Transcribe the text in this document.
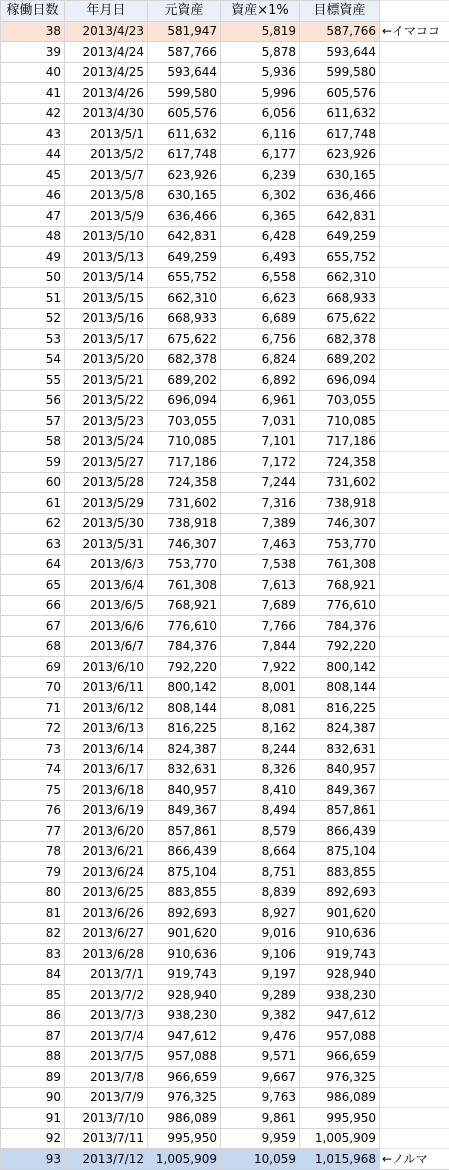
稼働日数	年月日	元資産	資産×1%	目標資産	
38	2013/4/23	581,947	5,819	587,766	←イマココ
39	2013/4/24	587,766	5,878	593,644	
40	2013/4/25	593,644	5,936	599,580	
41	2013/4/26	599,580	5,996	605,576	
42	2013/4/30	605,576	6,056	611,632	
43	2013/5/1	611,632	6,116	617,748	
44	2013/5/2	617,748	6,177	623,926	
45	2013/5/7	623,926	6,239	630,165	
46	2013/5/8	630,165	6,302	636,466	
47	2013/5/9	636,466	6,365	642,831	
48	2013/5/10	642,831	6,428	649,259	
49	2013/5/13	649,259	6,493	655,752	
50	2013/5/14	655,752	6,558	662,310	
51	2013/5/15	662,310	6,623	668,933	
52	2013/5/16	668,933	6,689	675,622	
53	2013/5/17	675,622	6,756	682,378	
54	2013/5/20	682,378	6,824	689,202	
55	2013/5/21	689,202	6,892	696,094	
56	2013/5/22	696,094	6,961	703,055	
57	2013/5/23	703,055	7,031	710,085	
58	2013/5/24	710,085	7,101	717,186	
59	2013/5/27	717,186	7,172	724,358	
60	2013/5/28	724,358	7,244	731,602	
61	2013/5/29	731,602	7,316	738,918	
62	2013/5/30	738,918	7,389	746,307	
63	2013/5/31	746,307	7,463	753,770	
64	2013/6/3	753,770	7,538	761,308	
65	2013/6/4	761,308	7,613	768,921	
66	2013/6/5	768,921	7,689	776,610	
67	2013/6/6	776,610	7,766	784,376	
68	2013/6/7	784,376	7,844	792,220	
69	2013/6/10	792,220	7,922	800,142	
70	2013/6/11	800,142	8,001	808,144	
71	2013/6/12	808,144	8,081	816,225	
72	2013/6/13	816,225	8,162	824,387	
73	2013/6/14	824,387	8,244	832,631	
74	2013/6/17	832,631	8,326	840,957	
75	2013/6/18	840,957	8,410	849,367	
76	2013/6/19	849,367	8,494	857,861	
77	2013/6/20	857,861	8,579	866,439	
78	2013/6/21	866,439	8,664	875,104	
79	2013/6/24	875,104	8,751	883,855	
80	2013/6/25	883,855	8,839	892,693	
81	2013/6/26	892,693	8,927	901,620	
82	2013/6/27	901,620	9,016	910,636	
83	2013/6/28	910,636	9,106	919,743	
84	2013/7/1	919,743	9,197	928,940	
85	2013/7/2	928,940	9,289	938,230	
86	2013/7/3	938,230	9,382	947,612	
87	2013/7/4	947,612	9,476	957,088	
88	2013/7/5	957,088	9,571	966,659	
89	2013/7/8	966,659	9,667	976,325	
90	2013/7/9	976,325	9,763	986,089	
91	2013/7/10	986,089	9,861	995,950	
92	2013/7/11	995,950	9,959	1,005,909	
93	2013/7/12	1,005,909	10,059	1,015,968	←ノルマ
